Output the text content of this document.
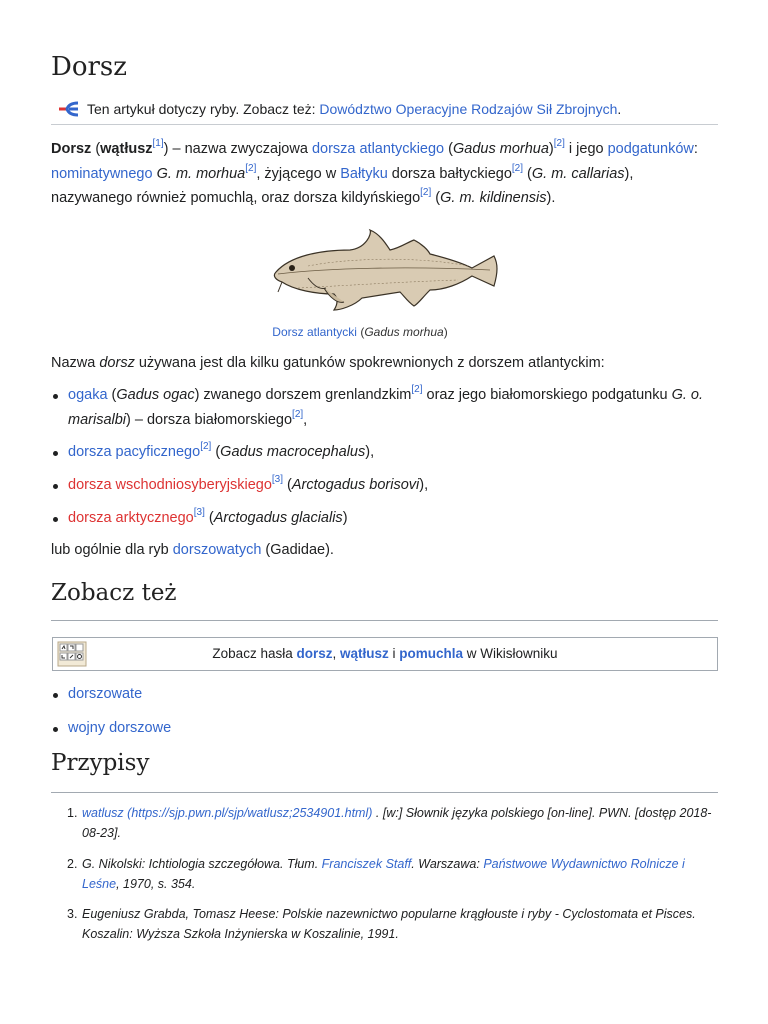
Dorsz
Ten artykuł dotyczy ryby. Zobacz też: Dowództwo Operacyjne Rodzajów Sił Zbrojnych.

Dorsz (wątłusz[1]) – nazwa zwyczajowa dorsza atlantyckiego (Gadus morhua)[2] i jego podgatunków: nominatywnego G. m. morhua[2], żyjącego w Bałtyku dorsza bałtyckiego[2] (G. m. callarias), nazywanego również pomuchlą, oraz dorsza kildyńskiego[2] (G. m. kildinensis).

Dorsz atlantycki (Gadus morhua)

Nazwa dorsz używana jest dla kilku gatunków spokrewnionych z dorszem atlantyckim:

ogaka (Gadus ogac) zwanego dorszem grenlandzkim[2] oraz jego białomorskiego podgatunku G. o. marisalbi) – dorsza białomorskiego[2],
dorsza pacyficznego[2] (Gadus macrocephalus),
dorsza wschodniosyberyjskiego[3] (Arctogadus borisovi),
dorsza arktycznego[3] (Arctogadus glacialis)

lub ogólnie dla ryb dorszowatych (Gadidae).

Zobacz też
Zobacz hasła dorsz, wątłusz i pomuchla w Wikisłowniku
dorszowate
wojny dorszowe
Przypisy
1. watlusz (https://sjp.pwn.pl/sjp/watlusz;2534901.html) . [w:] Słownik języka polskiego [on-line]. PWN. [dostęp 2018-08-23].
2. G. Nikolski: Ichtiologia szczegółowa. Tłum. Franciszek Staff. Warszawa: Państwowe Wydawnictwo Rolnicze i Leśne, 1970, s. 354.
3. Eugeniusz Grabda, Tomasz Heese: Polskie nazewnictwo popularne krągłouste i ryby - Cyclostomata et Pisces. Koszalin: Wyższa Szkoła Inżynierska w Koszalinie, 1991.
